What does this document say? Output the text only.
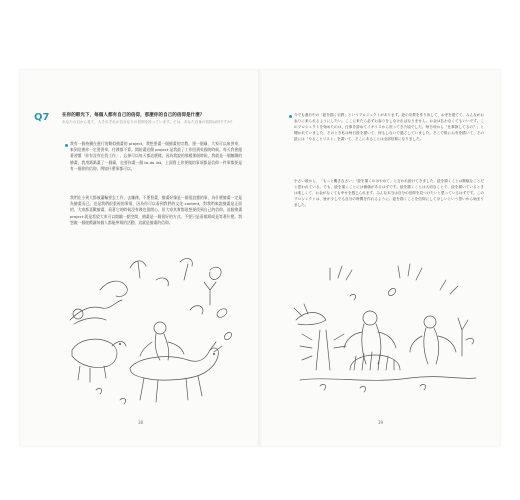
Q7	在你的眼光下，每個人都有自己的信仰，那麼你的自己的信仰是什麼？
あなたの目から見て、人それぞれが自分なりの信仰を持っています。では、あなた自身の信仰は何ですか？
我有一個持續在進行的類似繪畫的 project，我想要畫一個繪畫的宗教，建一個廟，大家可以來供奉，來到這裡你一定要供奉，付錢都不算。開始畫這個 project 是我最了工作回到英國的時候。每天我會跟著習慣「你有沒有在找工作」，忘掉可以每天都這麼樣。因為我說的那樣那個時候，我就是一個無聊的繪畫，我用紙紙畫了一個廟，也要你畫一個 to-do list，上面寫上你要做的事項都是信仰一件事都要是有一個你的信仰，例如什麼事都可以。
我們在小到大都被灌輸要去工作、去賺錢，不要寫畫，繪畫好像是一個很浪費的事，為什麼繪畫一定是為繪畫而已。這是我們很重視的事情，因為你可以看到我們的文化 content，對我們來說繪畫是正面的，大家都喜歡繪畫，看著它的時候沒有錢也很開心。但大家其實都很想要找到自己的信仰。這個繪畫 project 就是希望大家可以開闢一點空間，繪畫是一個很好的方式，不要只是看報紙或是等著什麼。我想做一個遊戲讓每個人都能參與的活動，這就是繪畫的信仰。
38
今でも進行中の「絵を描く宗教」というプロジェクトがあります。絵の宗教を作り出して、お寺を建てて、みんながお参りに来られるようにしたい。ここに来たら必ずお参りをしなければなりません。お金は払わなくてもいいです。このプロジェクトを始めたのは、仕事を辞めてイギリスから戻ってきた頃でした。毎日母から「仕事探してるの？」と聞かれていました。そのとき私は毎日絵を描いて、何もしないで過ごしていました。そこで紙にお寺を描いて、その絵には「やることリスト」を書いて、そこにあることは全部信仰になりました。
小さい頃から、「もっと働きなさい」「絵を描くのはやめて」と言われ続けてきました。絵を描くことは無駄なことだと思われている。でも、絵を描くことには価値があるはずです。絵を描くことは大切なことで、絵を描いているときは楽しくて、お金がなくても幸せを感じられます。みんな本当は自分の信仰を見つけたいと思っているはずです。このプロジェクトは、皆が少しでも自分の時間を作れるように、絵を描くことを信仰にしてほしいという思いから始まりました。
39
